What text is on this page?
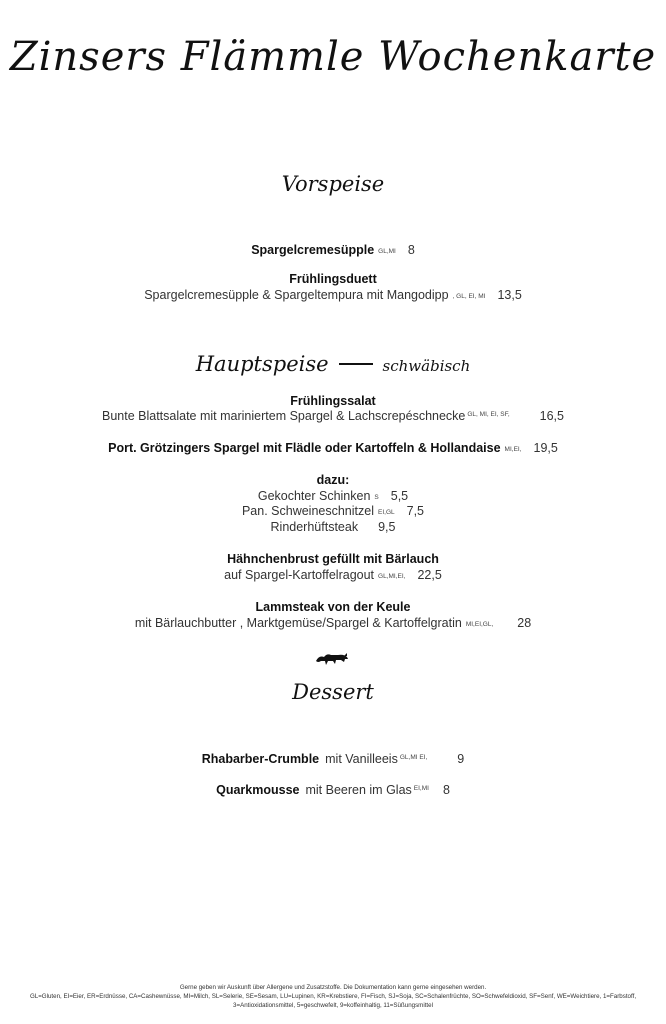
Zinsers Flämmle Wochenkarte
Vorspeise
Spargelcremesüpple GL,MI 8
Frühlingsduett
Spargelcremesüpple & Spargeltempura mit Mangodipp , GL, EI, MI 13,5
Hauptspeise	schwäbisch
Frühlingssalat
Bunte Blattsalate mit mariniertem Spargel & Lachscrepéschnecke $^{GL, MI, EI, SF,}$ 16,5
Port. Grötzingers Spargel mit Flädle oder Kartoffeln & Hollandaise MI,EI, 19,5
dazu:
Gekochter Schinken S 5,5
Pan. Schweineschnitzel EI,GL 7,5
Rinderhüftsteak 9,5
Hähnchenbrust gefüllt mit Bärlauch
auf Spargel-Kartoffelragout GL,MI,EI, 22,5
Lammsteak von der Keule
mit Bärlauchbutter , Marktgemüse/Spargel & Kartoffelgratin MI,EI,GL, 28
Dessert
Rhabarber-Crumble mit Vanilleeis $^{GL,MI EI,}$ 9
Quarkmousse mit Beeren im Glas $^{EI,MI}$ 8
Gerne geben wir Auskunft über Allergene und Zusatzstoffe. Die Dokumentation kann gerne eingesehen werden.
GL=Gluten, EI=Eier, ER=Erdnüsse, CA=Cashewnüsse, MI=Milch, SL=Selerie, SE=Sesam, LU=Lupinen, KR=Krebstiere, FI=Fisch, SJ=Soja, SC=Schalenfrüchte, SO=Schwefeldioxid, SF=Senf, WE=Weichtiere, 1=Farbstoff,
3=Antioxidationsmittel, 5=geschwefelt, 9=koffeinhaltig, 11=Süßungsmittel
